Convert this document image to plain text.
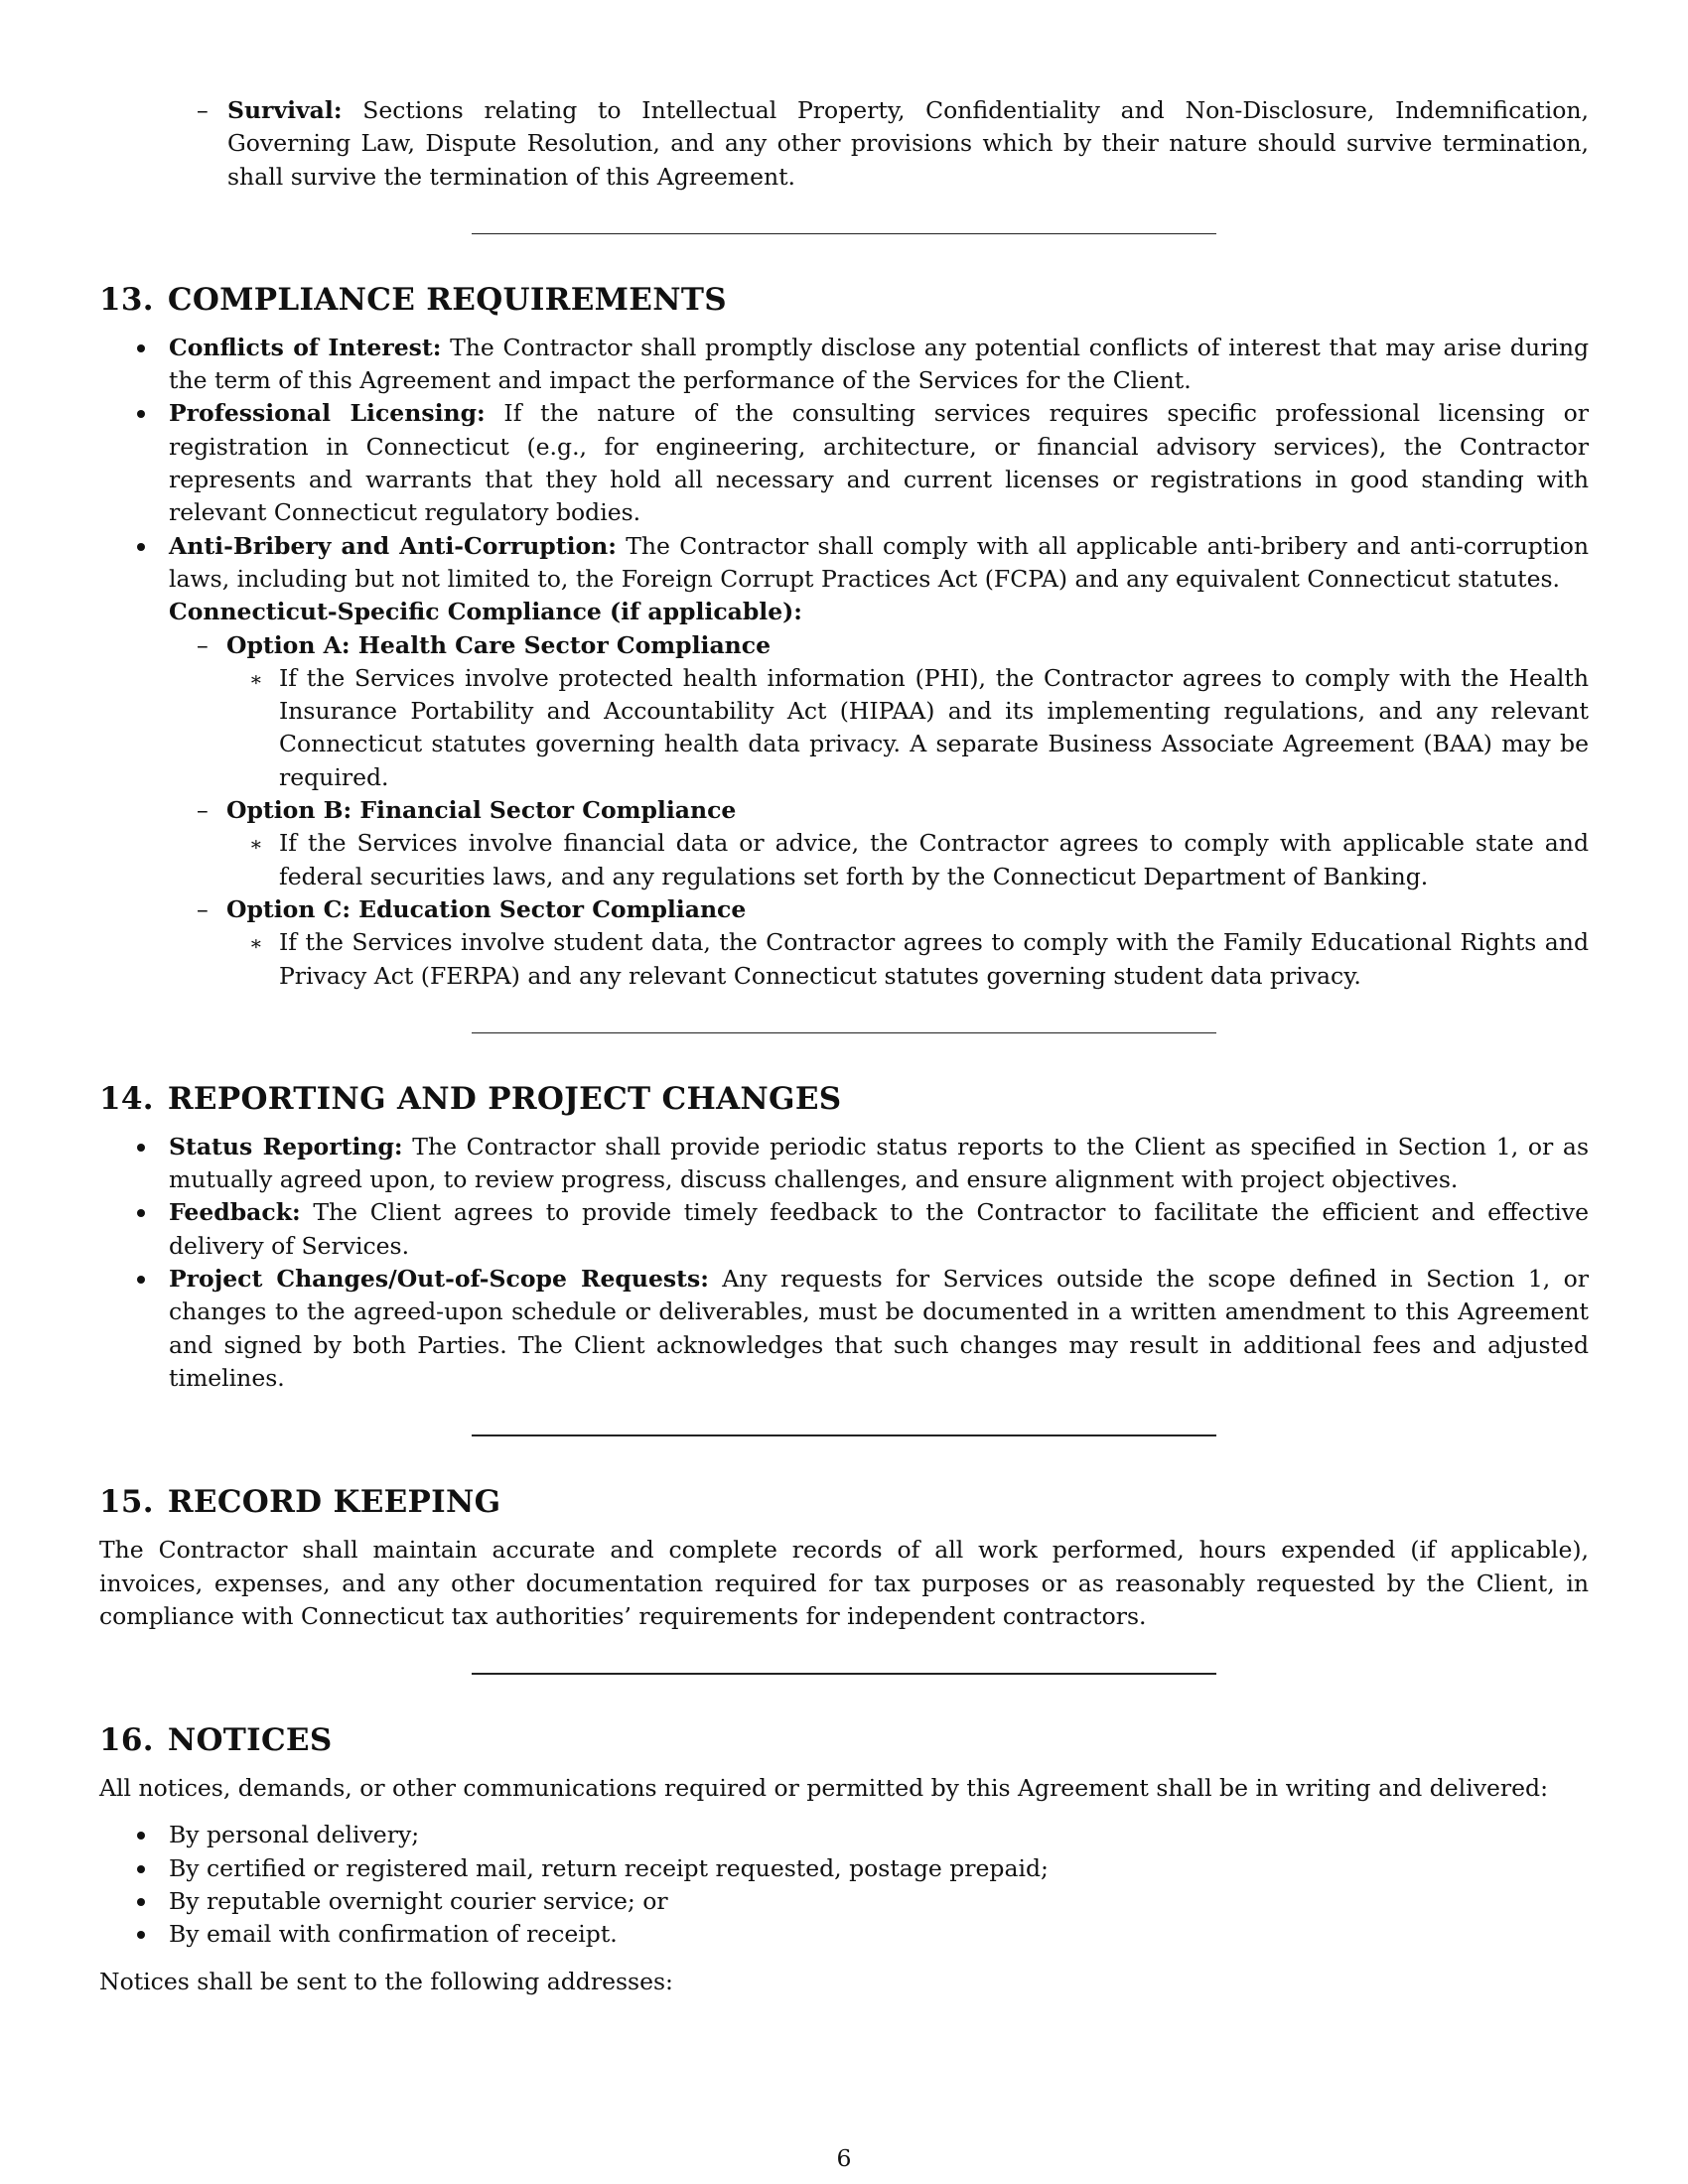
– Survival: Sections relating to Intellectual Property, Confidentiality and Non-Disclosure, Indemnification, Governing Law, Dispute Resolution, and any other provisions which by their nature should survive termination, shall survive the termination of this Agreement.
13. COMPLIANCE REQUIREMENTS
Conflicts of Interest: The Contractor shall promptly disclose any potential conflicts of interest that may arise during the term of this Agreement and impact the performance of the Services for the Client.
Professional Licensing: If the nature of the consulting services requires specific professional licensing or registration in Connecticut (e.g., for engineering, architecture, or financial advisory services), the Contractor represents and warrants that they hold all necessary and current licenses or registrations in good standing with relevant Connecticut regulatory bodies.
Anti-Bribery and Anti-Corruption: The Contractor shall comply with all applicable anti-bribery and anti-corruption laws, including but not limited to, the Foreign Corrupt Practices Act (FCPA) and any equivalent Connecticut statutes.
Connecticut-Specific Compliance (if applicable):
– Option A: Health Care Sector Compliance
∗ If the Services involve protected health information (PHI), the Contractor agrees to comply with the Health Insurance Portability and Accountability Act (HIPAA) and its implementing regulations, and any relevant Connecticut statutes governing health data privacy. A separate Business Associate Agreement (BAA) may be required.
– Option B: Financial Sector Compliance
∗ If the Services involve financial data or advice, the Contractor agrees to comply with applicable state and federal securities laws, and any regulations set forth by the Connecticut Department of Banking.
– Option C: Education Sector Compliance
∗ If the Services involve student data, the Contractor agrees to comply with the Family Educational Rights and Privacy Act (FERPA) and any relevant Connecticut statutes governing student data privacy.
14. REPORTING AND PROJECT CHANGES
Status Reporting: The Contractor shall provide periodic status reports to the Client as specified in Section 1, or as mutually agreed upon, to review progress, discuss challenges, and ensure alignment with project objectives.
Feedback: The Client agrees to provide timely feedback to the Contractor to facilitate the efficient and effective delivery of Services.
Project Changes/Out-of-Scope Requests: Any requests for Services outside the scope defined in Section 1, or changes to the agreed-upon schedule or deliverables, must be documented in a written amendment to this Agreement and signed by both Parties. The Client acknowledges that such changes may result in additional fees and adjusted timelines.
15. RECORD KEEPING

The Contractor shall maintain accurate and complete records of all work performed, hours expended (if applicable), invoices, expenses, and any other documentation required for tax purposes or as reasonably requested by the Client, in compliance with Connecticut tax authorities’ requirements for independent contractors.

16. NOTICES

All notices, demands, or other communications required or permitted by this Agreement shall be in writing and delivered:

By personal delivery;
By certified or registered mail, return receipt requested, postage prepaid;
By reputable overnight courier service; or
By email with confirmation of receipt.

Notices shall be sent to the following addresses:

6
